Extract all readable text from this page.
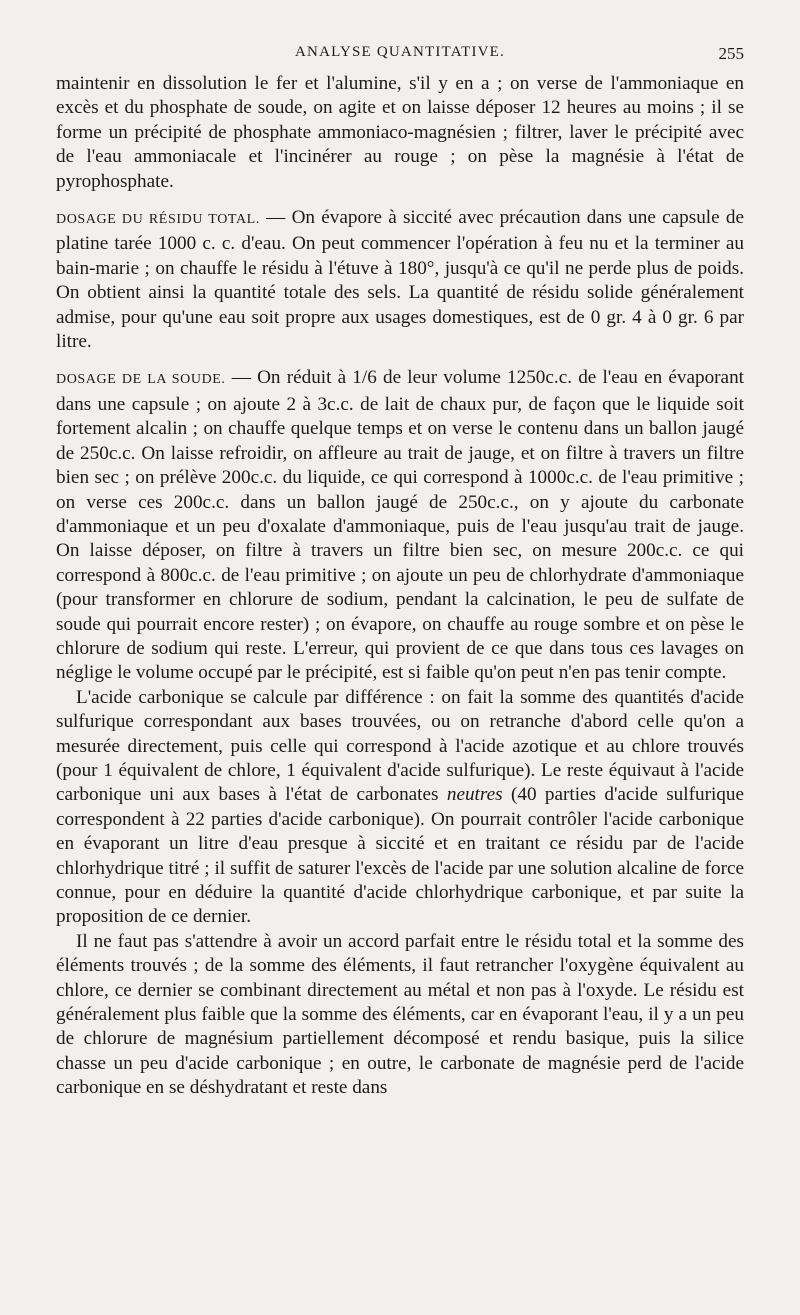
ANALYSE QUANTITATIVE.	255

maintenir en dissolution le fer et l'alumine, s'il y en a ; on verse de l'ammoniaque en excès et du phosphate de soude, on agite et on laisse déposer 12 heures au moins ; il se forme un précipité de phosphate ammoniaco-magnésien ; filtrer, laver le précipité avec de l'eau ammoniacale et l'incinérer au rouge ; on pèse la magnésie à l'état de pyrophosphate.

DOSAGE DU RÉSIDU TOTAL. — On évapore à siccité avec précaution dans une capsule de platine tarée 1000 c. c. d'eau. On peut commencer l'opération à feu nu et la terminer au bain-marie ; on chauffe le résidu à l'étuve à 180°, jusqu'à ce qu'il ne perde plus de poids. On obtient ainsi la quantité totale des sels. La quantité de résidu solide généralement admise, pour qu'une eau soit propre aux usages domestiques, est de 0 gr. 4 à 0 gr. 6 par litre.

DOSAGE DE LA SOUDE. — On réduit à 1/6 de leur volume 1250c.c. de l'eau en évaporant dans une capsule ; on ajoute 2 à 3c.c. de lait de chaux pur, de façon que le liquide soit fortement alcalin ; on chauffe quelque temps et on verse le contenu dans un ballon jaugé de 250c.c. On laisse refroidir, on affleure au trait de jauge, et on filtre à travers un filtre bien sec ; on prélève 200c.c. du liquide, ce qui correspond à 1000c.c. de l'eau primitive ; on verse ces 200c.c. dans un ballon jaugé de 250c.c., on y ajoute du carbonate d'ammoniaque et un peu d'oxalate d'ammoniaque, puis de l'eau jusqu'au trait de jauge. On laisse déposer, on filtre à travers un filtre bien sec, on mesure 200c.c. ce qui correspond à 800c.c. de l'eau primitive ; on ajoute un peu de chlorhydrate d'ammoniaque (pour transformer en chlorure de sodium, pendant la calcination, le peu de sulfate de soude qui pourrait encore rester) ; on évapore, on chauffe au rouge sombre et on pèse le chlorure de sodium qui reste. L'erreur, qui provient de ce que dans tous ces lavages on néglige le volume occupé par le précipité, est si faible qu'on peut n'en pas tenir compte.

L'acide carbonique se calcule par différence : on fait la somme des quantités d'acide sulfurique correspondant aux bases trouvées, ou on retranche d'abord celle qu'on a mesurée directement, puis celle qui correspond à l'acide azotique et au chlore trouvés (pour 1 équivalent de chlore, 1 équivalent d'acide sulfurique). Le reste équivaut à l'acide carbonique uni aux bases à l'état de carbonates neutres (40 parties d'acide sulfurique correspondent à 22 parties d'acide carbonique). On pourrait contrôler l'acide carbonique en évaporant un litre d'eau presque à siccité et en traitant ce résidu par de l'acide chlorhydrique titré ; il suffit de saturer l'excès de l'acide par une solution alcaline de force connue, pour en déduire la quantité d'acide chlorhydrique carbonique, et par suite la proposition de ce dernier.

Il ne faut pas s'attendre à avoir un accord parfait entre le résidu total et la somme des éléments trouvés ; de la somme des éléments, il faut retrancher l'oxygène équivalent au chlore, ce dernier se combinant directement au métal et non pas à l'oxyde. Le résidu est généralement plus faible que la somme des éléments, car en évaporant l'eau, il y a un peu de chlorure de magnésium partiellement décomposé et rendu basique, puis la silice chasse un peu d'acide carbonique ; en outre, le carbonate de magnésie perd de l'acide carbonique en se déshydratant et reste dans
